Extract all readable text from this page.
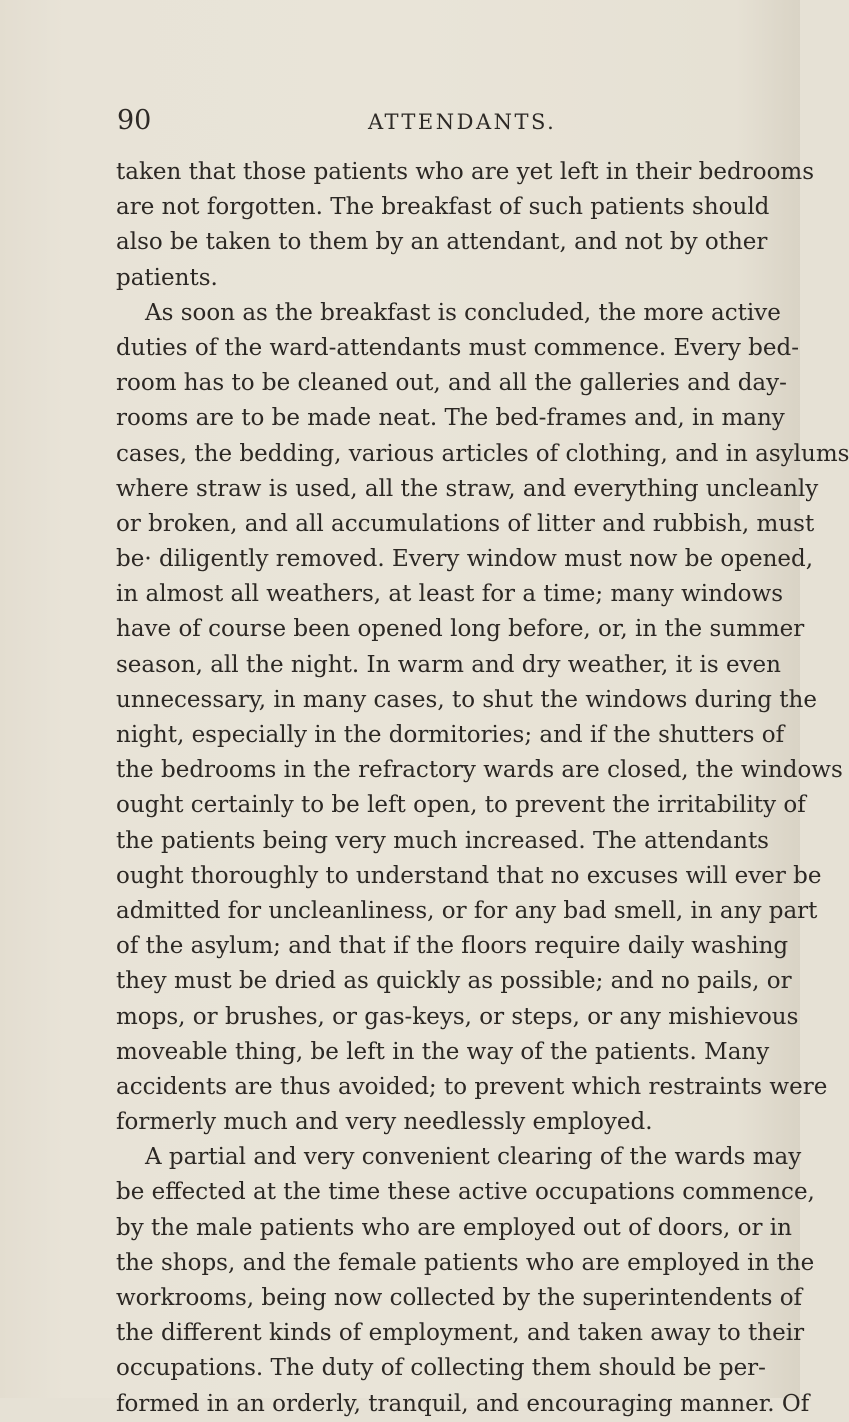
90	ATTENDANTS.
taken that those patients who are yet left in their bedrooms
are not forgotten. The breakfast of such patients should
also be taken to them by an attendant, and not by other
patients.
As soon as the breakfast is concluded, the more active
duties of the ward-attendants must commence. Every bed-
room has to be cleaned out, and all the galleries and day-
rooms are to be made neat. The bed-frames and, in many
cases, the bedding, various articles of clothing, and in asylums
where straw is used, all the straw, and everything uncleanly
or broken, and all accumulations of litter and rubbish, must
be· diligently removed. Every window must now be opened,
in almost all weathers, at least for a time; many windows
have of course been opened long before, or, in the summer
season, all the night. In warm and dry weather, it is even
unnecessary, in many cases, to shut the windows during the
night, especially in the dormitories; and if the shutters of
the bedrooms in the refractory wards are closed, the windows
ought certainly to be left open, to prevent the irritability of
the patients being very much increased. The attendants
ought thoroughly to understand that no excuses will ever be
admitted for uncleanliness, or for any bad smell, in any part
of the asylum; and that if the floors require daily washing
they must be dried as quickly as possible; and no pails, or
mops, or brushes, or gas-keys, or steps, or any mishievous
moveable thing, be left in the way of the patients. Many
accidents are thus avoided; to prevent which restraints were
formerly much and very needlessly employed.
A partial and very convenient clearing of the wards may
be effected at the time these active occupations commence,
by the male patients who are employed out of doors, or in
the shops, and the female patients who are employed in the
workrooms, being now collected by the superintendents of
the different kinds of employment, and taken away to their
occupations. The duty of collecting them should be per-
formed in an orderly, tranquil, and encouraging manner. Of
